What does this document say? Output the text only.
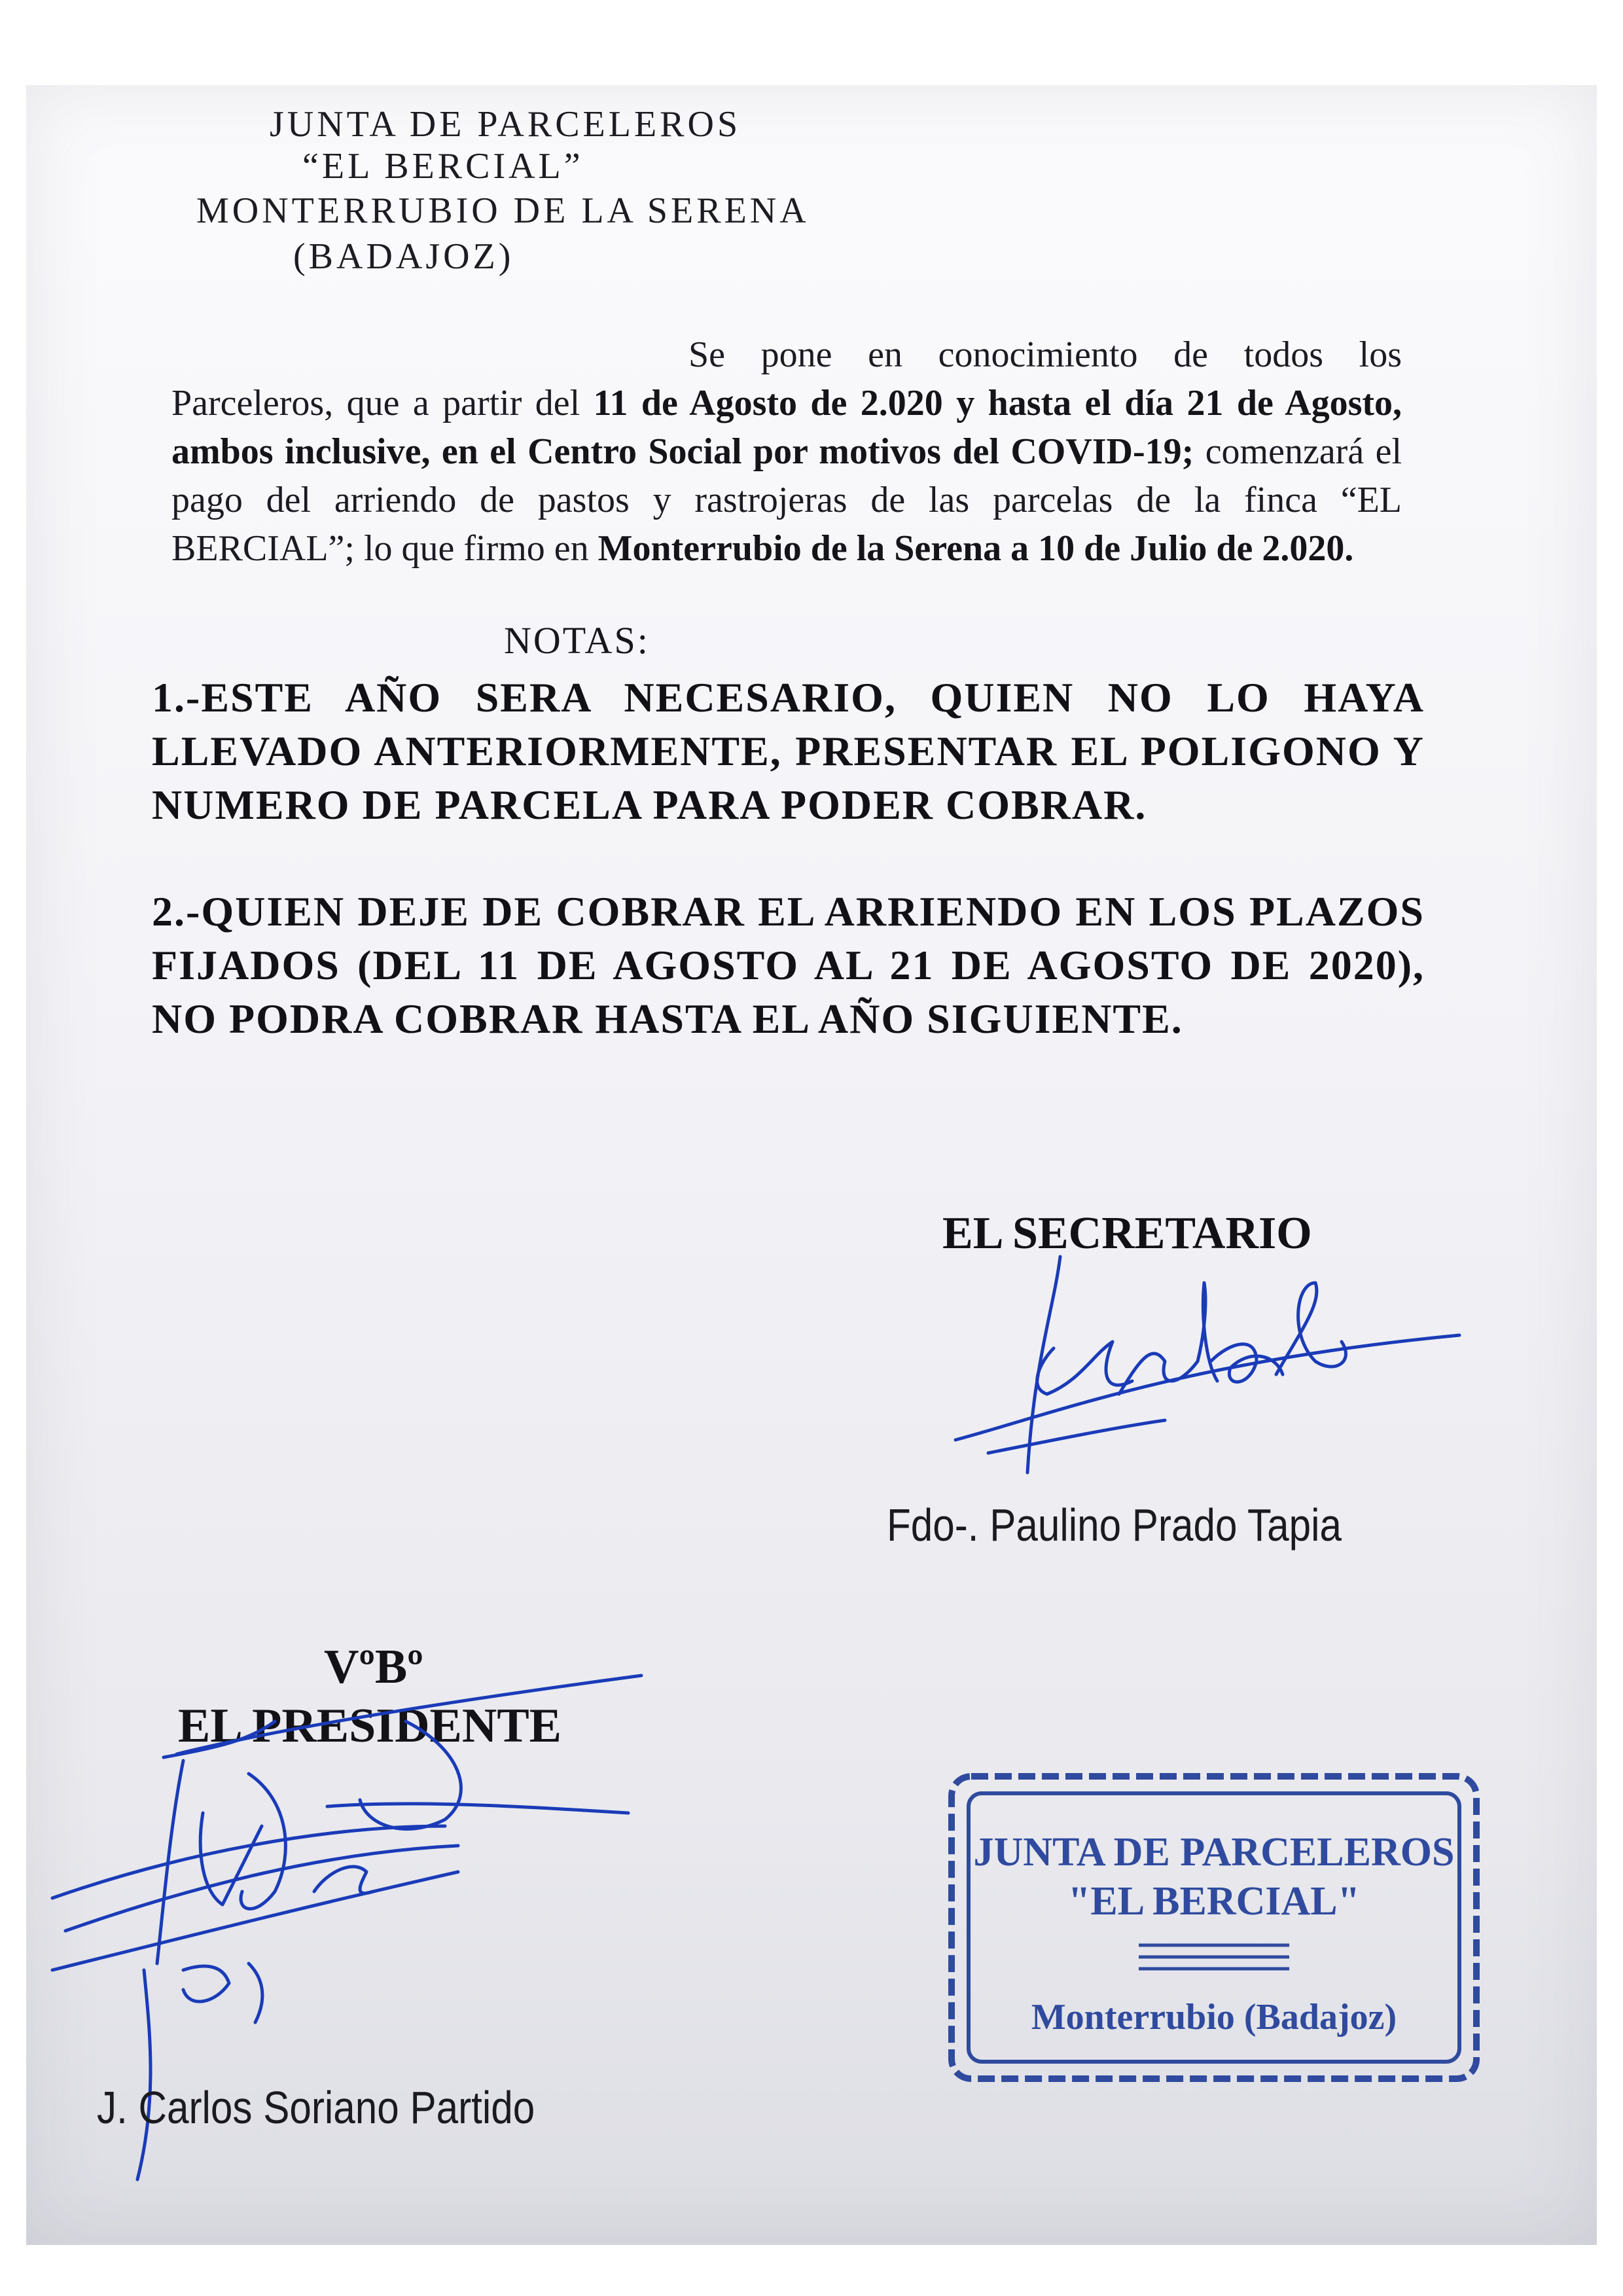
JUNTA DE PARCELEROS
“EL BERCIAL”
MONTERRUBIO DE LA SERENA
(BADAJOZ)

Se pone en conocimiento de todos los Parceleros, que a partir del 11 de Agosto de 2.020 y hasta el día 21 de Agosto, ambos inclusive, en el Centro Social por motivos del COVID-19; comenzará el pago del arriendo de pastos y rastrojeras de las parcelas de la finca “EL BERCIAL”; lo que firmo en Monterrubio de la Serena a 10 de Julio de 2.020.

NOTAS:

1.-ESTE AÑO SERA NECESARIO, QUIEN NO LO HAYA LLEVADO ANTERIORMENTE, PRESENTAR EL POLIGONO Y NUMERO DE PARCELA PARA PODER COBRAR.

2.-QUIEN DEJE DE COBRAR EL ARRIENDO EN LOS PLAZOS FIJADOS (DEL 11 DE AGOSTO AL 21 DE AGOSTO DE 2020), NO PODRA COBRAR HASTA EL AÑO SIGUIENTE.

EL SECRETARIO
Fdo-. Paulino Prado Tapia
VºBº
EL PRESIDENTE
J. Carlos Soriano Partido
JUNTA DE PARCELEROS
"EL BERCIAL"
Monterrubio (Badajoz)
